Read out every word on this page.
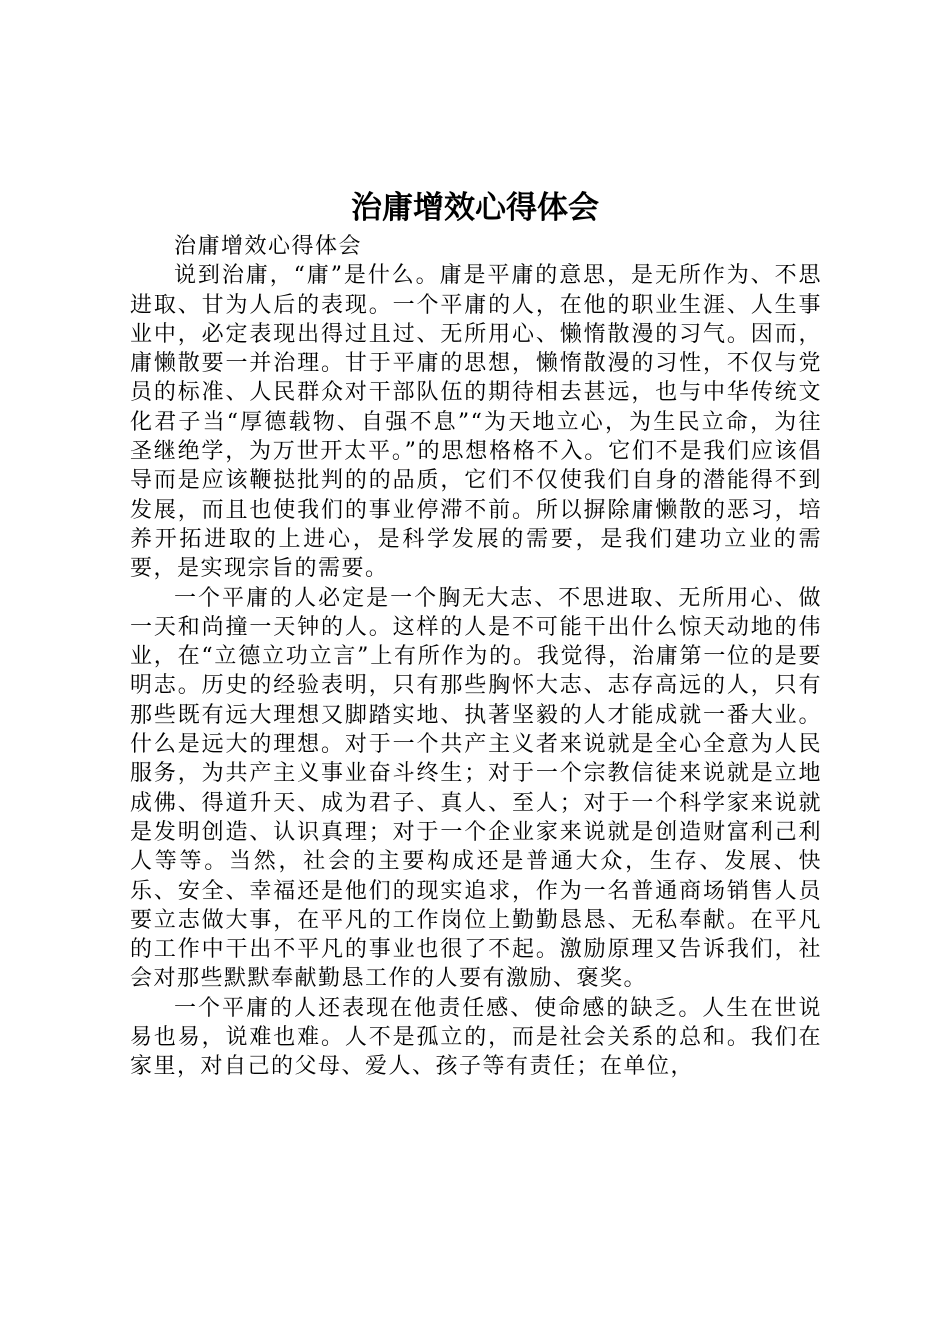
治庸增效心得体会

治庸增效心得体会

说到治庸，“庸”是什么。庸是平庸的意思，是无所作为、不思进取、甘为人后的表现。一个平庸的人，在他的职业生涯、人生事业中，必定表现出得过且过、无所用心、懒惰散漫的习气。因而，庸懒散要一并治理。甘于平庸的思想，懒惰散漫的习性，不仅与党员的标准、人民群众对干部队伍的期待相去甚远，也与中华传统文化君子当“厚德载物、自强不息”“为天地立心，为生民立命，为往圣继绝学，为万世开太平。”的思想格格不入。它们不是我们应该倡导而是应该鞭挞批判的的品质，它们不仅使我们自身的潜能得不到发展，而且也使我们的事业停滞不前。所以摒除庸懒散的恶习，培养开拓进取的上进心，是科学发展的需要，是我们建功立业的需要，是实现宗旨的需要。

一个平庸的人必定是一个胸无大志、不思进取、无所用心、做一天和尚撞一天钟的人。这样的人是不可能干出什么惊天动地的伟业，在“立德立功立言”上有所作为的。我觉得，治庸第一位的是要明志。历史的经验表明，只有那些胸怀大志、志存高远的人，只有那些既有远大理想又脚踏实地、执著坚毅的人才能成就一番大业。什么是远大的理想。对于一个共产主义者来说就是全心全意为人民服务，为共产主义事业奋斗终生；对于一个宗教信徒来说就是立地成佛、得道升天、成为君子、真人、至人；对于一个科学家来说就是发明创造、认识真理；对于一个企业家来说就是创造财富利己利人等等。当然，社会的主要构成还是普通大众，生存、发展、快乐、安全、幸福还是他们的现实追求，作为一名普通商场销售人员要立志做大事，在平凡的工作岗位上勤勤恳恳、无私奉献。在平凡的工作中干出不平凡的事业也很了不起。激励原理又告诉我们，社会对那些默默奉献勤恳工作的人要有激励、褒奖。

一个平庸的人还表现在他责任感、使命感的缺乏。人生在世说易也易，说难也难。人不是孤立的，而是社会关系的总和。我们在家里，对自己的父母、爱人、孩子等有责任；在单位，
